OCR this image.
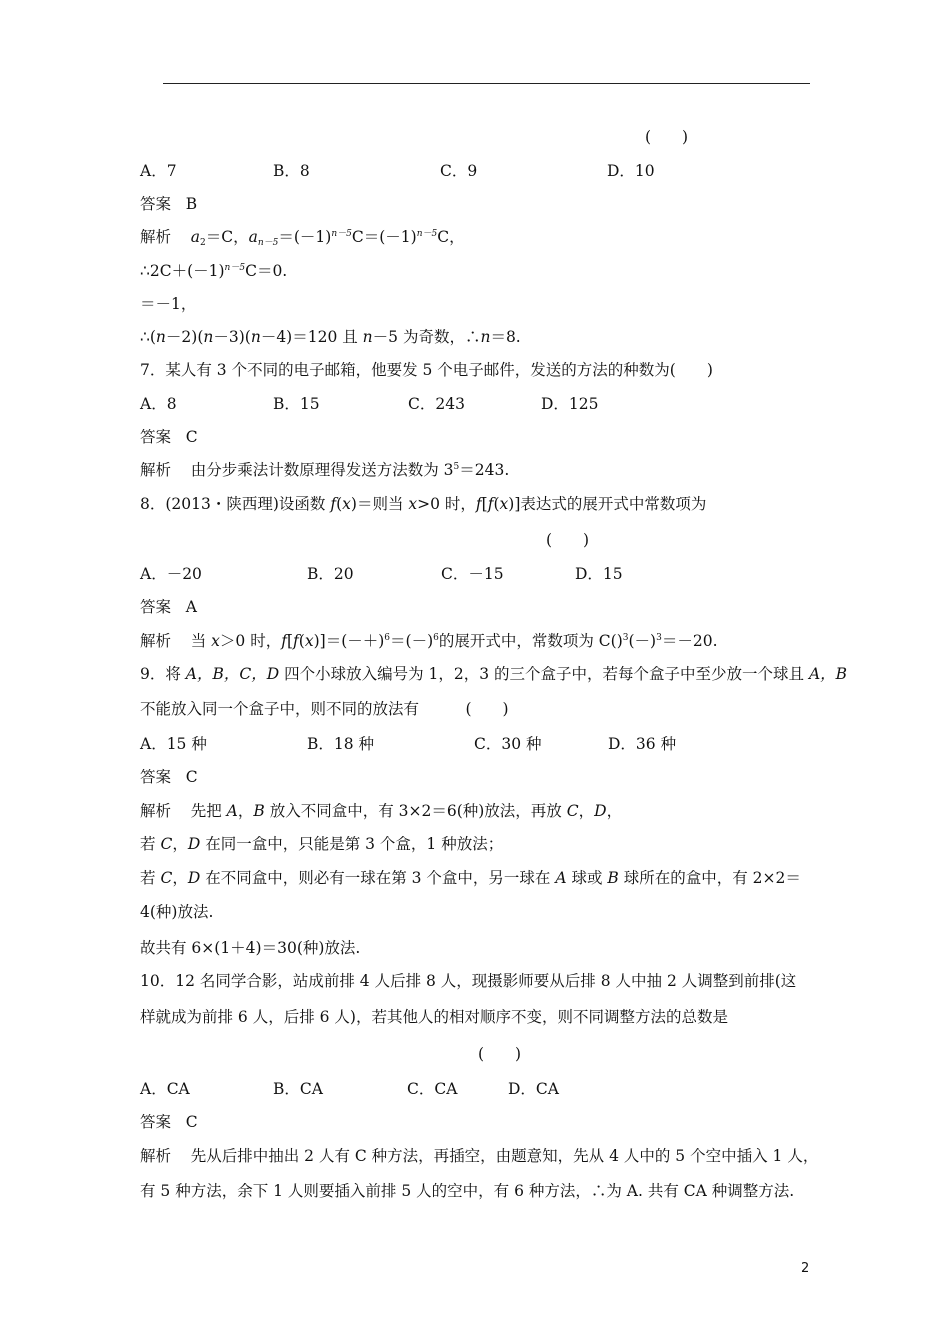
(　　)
A．7	B．8	C．9	D．10
答案 B
解析 $a_2=C$，$a_{n-5}=(-1)^{n-5}C=(-1)^{n-5}C$，
$\therefore 2C+(-1)^{n-5}C=0$.
＝－1，
∴(n－2)(n－3)(n－4)＝120 且 n－5 为奇数，∴n＝8.
7．某人有 3 个不同的电子邮箱，他要发 5 个电子邮件，发送的方法的种数为(　　)
A．8	B．15	C．243	D．125
答案 C
解析 由分步乘法计数原理得发送方法数为 $3^5=243$.
8．(2013・陕西理)设函数 f(x)＝则当 x>0 时，f[f(x)]表达式的展开式中常数项为
(　　)
A．－20	B．20	C．－15	D．15
答案 A
解析 当 x＞0 时，$f[f(x)]=(-+)^6=(-)^6$的展开式中，常数项为 $C()^3(-)^3=-20$.
9．将 A，B，C，D 四个小球放入编号为 1，2，3 的三个盒子中，若每个盒子中至少放一个球且 A，B
不能放入同一个盒子中，则不同的放法有　　　(　　)
A．15 种	B．18 种	C．30 种	D．36 种
答案 C
解析 先把 A，B 放入不同盒中，有 3×2＝6(种)放法，再放 C，D，
若 C，D 在同一盒中，只能是第 3 个盒，1 种放法；
若 C，D 在不同盒中，则必有一球在第 3 个盒中，另一球在 A 球或 B 球所在的盒中，有 2×2＝
4(种)放法.
故共有 6×(1＋4)＝30(种)放法.
10．12 名同学合影，站成前排 4 人后排 8 人，现摄影师要从后排 8 人中抽 2 人调整到前排(这
样就成为前排 6 人，后排 6 人)，若其他人的相对顺序不变，则不同调整方法的总数是
(　　)
A．CA	B．CA	C．CA	D．CA
答案 C
解析 先从后排中抽出 2 人有 C 种方法，再插空，由题意知，先从 4 人中的 5 个空中插入 1 人，
有 5 种方法，余下 1 人则要插入前排 5 人的空中，有 6 种方法，∴为 A. 共有 CA 种调整方法.
2
